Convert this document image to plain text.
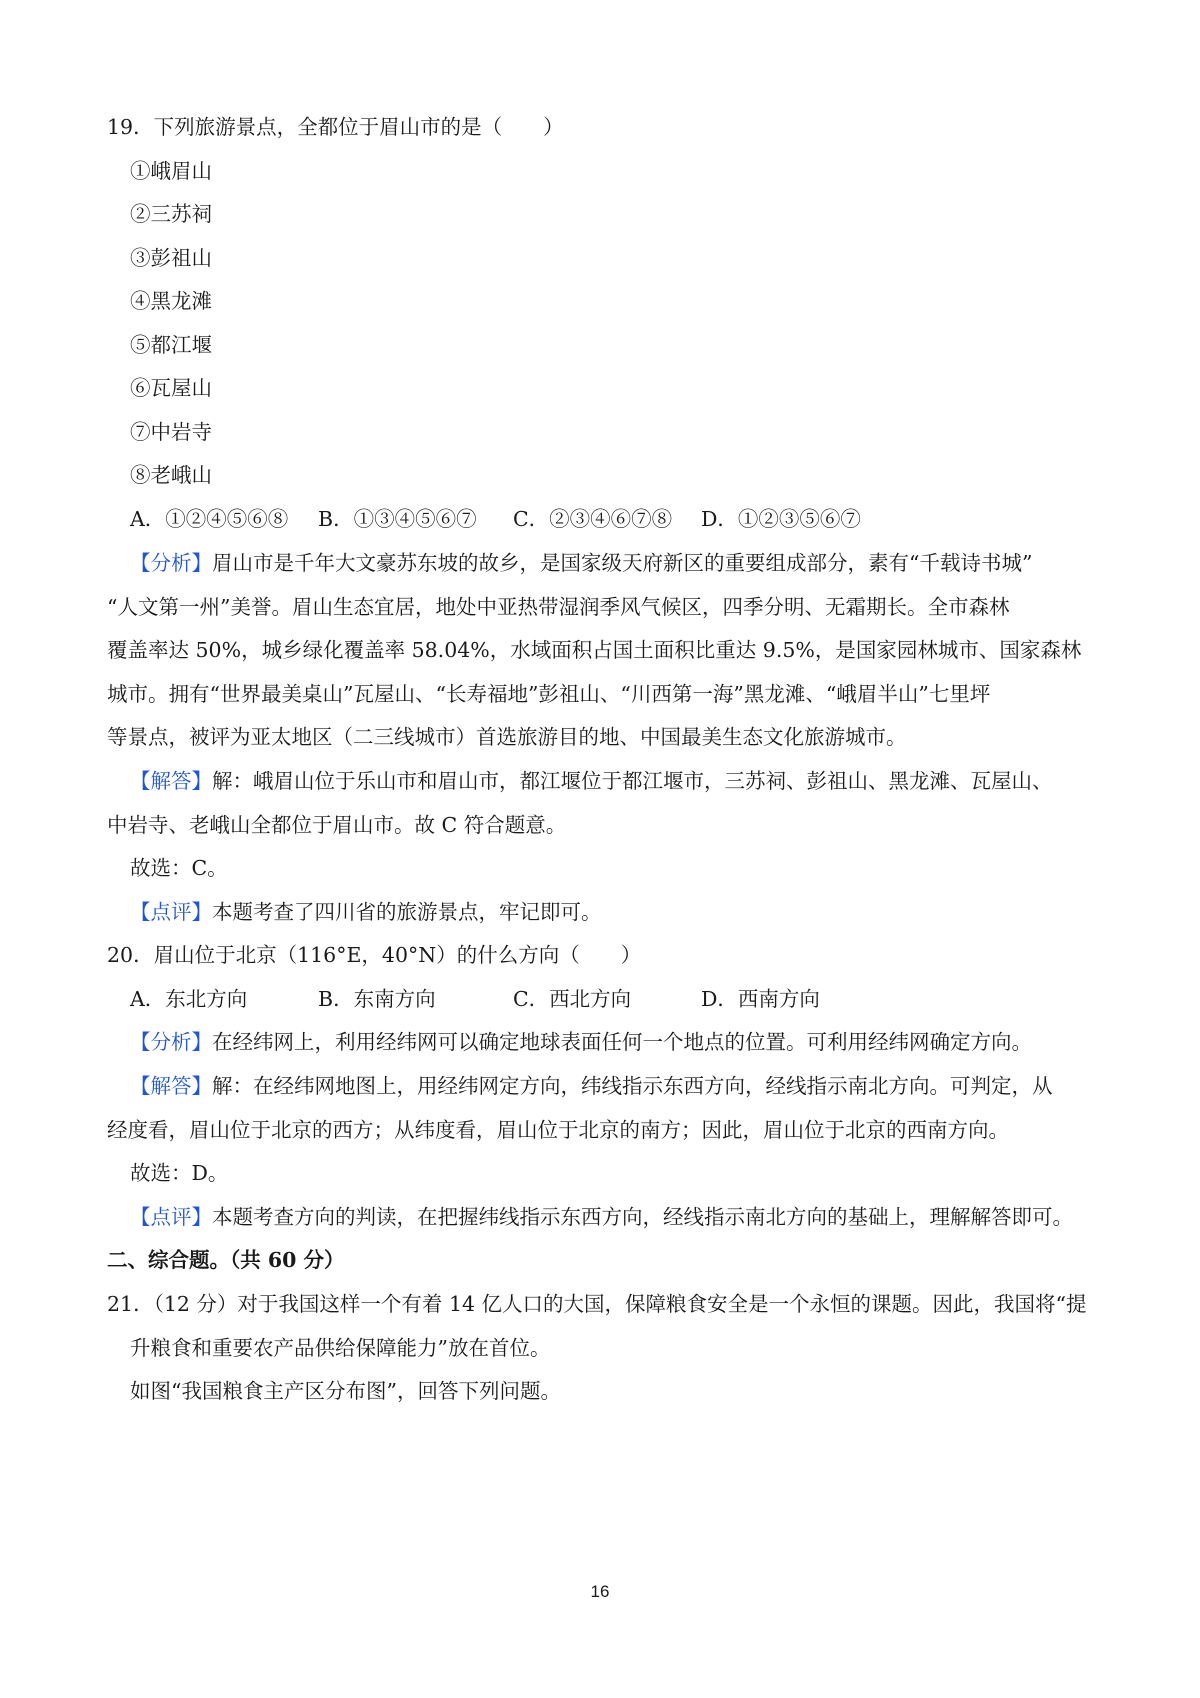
19．下列旅游景点，全都位于眉山市的是（　　）
①峨眉山
②三苏祠
③彭祖山
④黑龙滩
⑤都江堰
⑥瓦屋山
⑦中岩寺
⑧老峨山
A．①②④⑤⑥⑧ B．①③④⑤⑥⑦ C．②③④⑥⑦⑧ D．①②③⑤⑥⑦
【分析】眉山市是千年大文豪苏东坡的故乡，是国家级天府新区的重要组成部分，素有“千载诗书城”
“人文第一州”美誉。眉山生态宜居，地处中亚热带湿润季风气候区，四季分明、无霜期长。全市森林
覆盖率达 50%，城乡绿化覆盖率 58.04%，水域面积占国土面积比重达 9.5%，是国家园林城市、国家森林
城市。拥有“世界最美桌山”瓦屋山、“长寿福地”彭祖山、“川西第一海”黑龙滩、“峨眉半山”七里坪
等景点，被评为亚太地区（二三线城市）首选旅游目的地、中国最美生态文化旅游城市。
【解答】解：峨眉山位于乐山市和眉山市，都江堰位于都江堰市，三苏祠、彭祖山、黑龙滩、瓦屋山、
中岩寺、老峨山全都位于眉山市。故 C 符合题意。
故选：C。
【点评】本题考查了四川省的旅游景点，牢记即可。
20．眉山位于北京（116°E，40°N）的什么方向（　　）
A．东北方向	B．东南方向	C．西北方向	D．西南方向
【分析】在经纬网上，利用经纬网可以确定地球表面任何一个地点的位置。可利用经纬网确定方向。
【解答】解：在经纬网地图上，用经纬网定方向，纬线指示东西方向，经线指示南北方向。可判定，从
经度看，眉山位于北京的西方；从纬度看，眉山位于北京的南方；因此，眉山位于北京的西南方向。
故选：D。
【点评】本题考查方向的判读，在把握纬线指示东西方向，经线指示南北方向的基础上，理解解答即可。
二、综合题。（共 60 分）
21．（12 分）对于我国这样一个有着 14 亿人口的大国，保障粮食安全是一个永恒的课题。因此，我国将“提
升粮食和重要农产品供给保障能力”放在首位。
如图“我国粮食主产区分布图”，回答下列问题。
16
